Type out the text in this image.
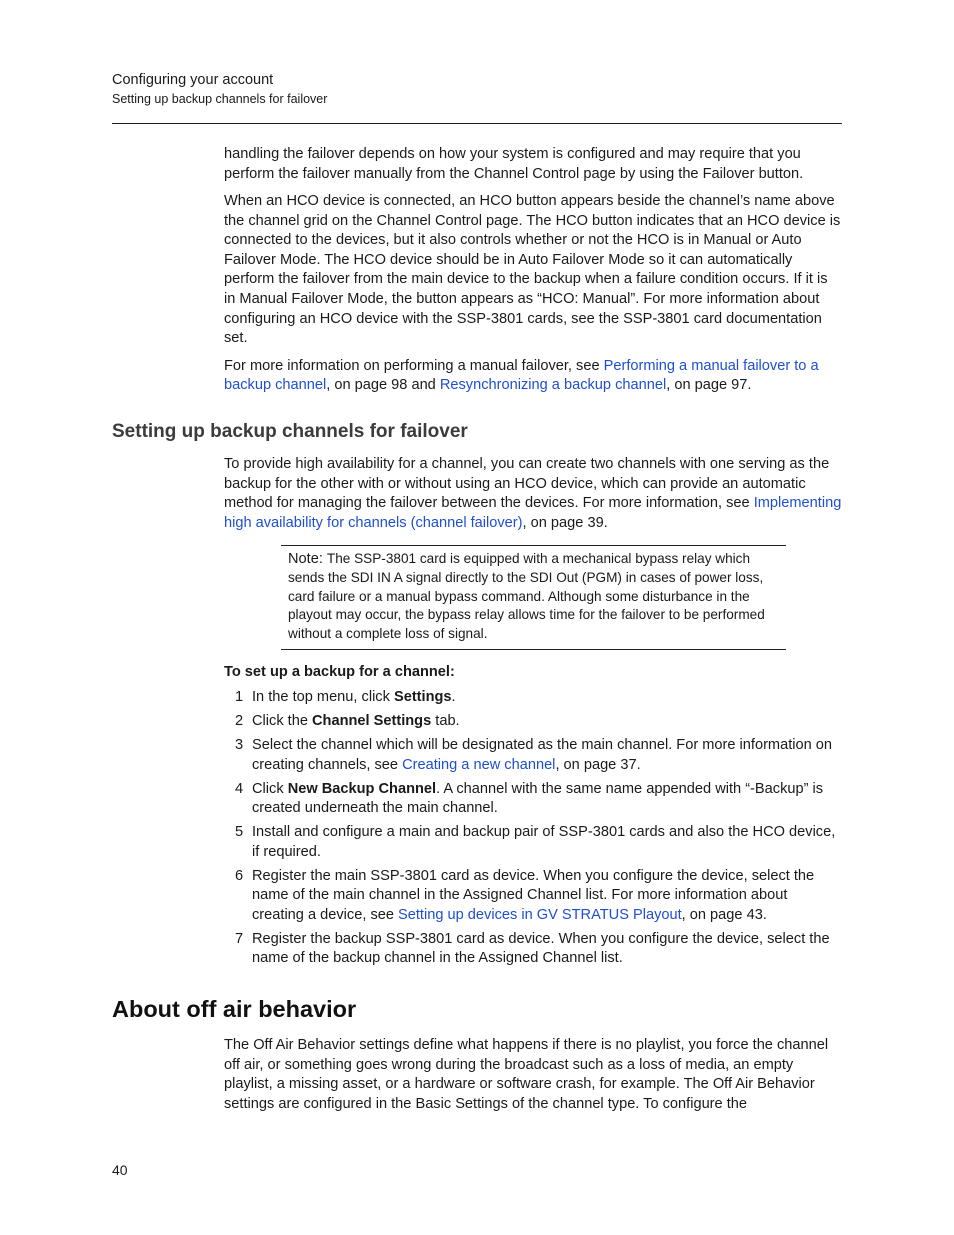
Configuring your account
Setting up backup channels for failover

handling the failover depends on how your system is configured and may require that you perform the failover manually from the Channel Control page by using the Failover button.

When an HCO device is connected, an HCO button appears beside the channel’s name above the channel grid on the Channel Control page. The HCO button indicates that an HCO device is connected to the devices, but it also controls whether or not the HCO is in Manual or Auto Failover Mode. The HCO device should be in Auto Failover Mode so it can automatically perform the failover from the main device to the backup when a failure condition occurs. If it is in Manual Failover Mode, the button appears as “HCO: Manual”. For more information about configuring an HCO device with the SSP-3801 cards, see the SSP-3801 card documentation set.

For more information on performing a manual failover, see Performing a manual failover to a backup channel, on page 98 and Resynchronizing a backup channel, on page 97.

Setting up backup channels for failover

To provide high availability for a channel, you can create two channels with one serving as the backup for the other with or without using an HCO device, which can provide an automatic method for managing the failover between the devices. For more information, see Implementing high availability for channels (channel failover), on page 39.

Note: The SSP-3801 card is equipped with a mechanical bypass relay which sends the SDI IN A signal directly to the SDI Out (PGM) in cases of power loss, card failure or a manual bypass command. Although some disturbance in the playout may occur, the bypass relay allows time for the failover to be performed without a complete loss of signal.
To set up a backup for a channel:
1 In the top menu, click Settings.
2 Click the Channel Settings tab.
3 Select the channel which will be designated as the main channel. For more information on creating channels, see Creating a new channel, on page 37.
4 Click New Backup Channel. A channel with the same name appended with “-Backup” is created underneath the main channel.
5 Install and configure a main and backup pair of SSP-3801 cards and also the HCO device, if required.
6 Register the main SSP-3801 card as device. When you configure the device, select the name of the main channel in the Assigned Channel list. For more information about creating a device, see Setting up devices in GV STRATUS Playout, on page 43.
7 Register the backup SSP-3801 card as device. When you configure the device, select the name of the backup channel in the Assigned Channel list.
About off air behavior

The Off Air Behavior settings define what happens if there is no playlist, you force the channel off air, or something goes wrong during the broadcast such as a loss of media, an empty playlist, a missing asset, or a hardware or software crash, for example. The Off Air Behavior settings are configured in the Basic Settings of the channel type. To configure the

40
